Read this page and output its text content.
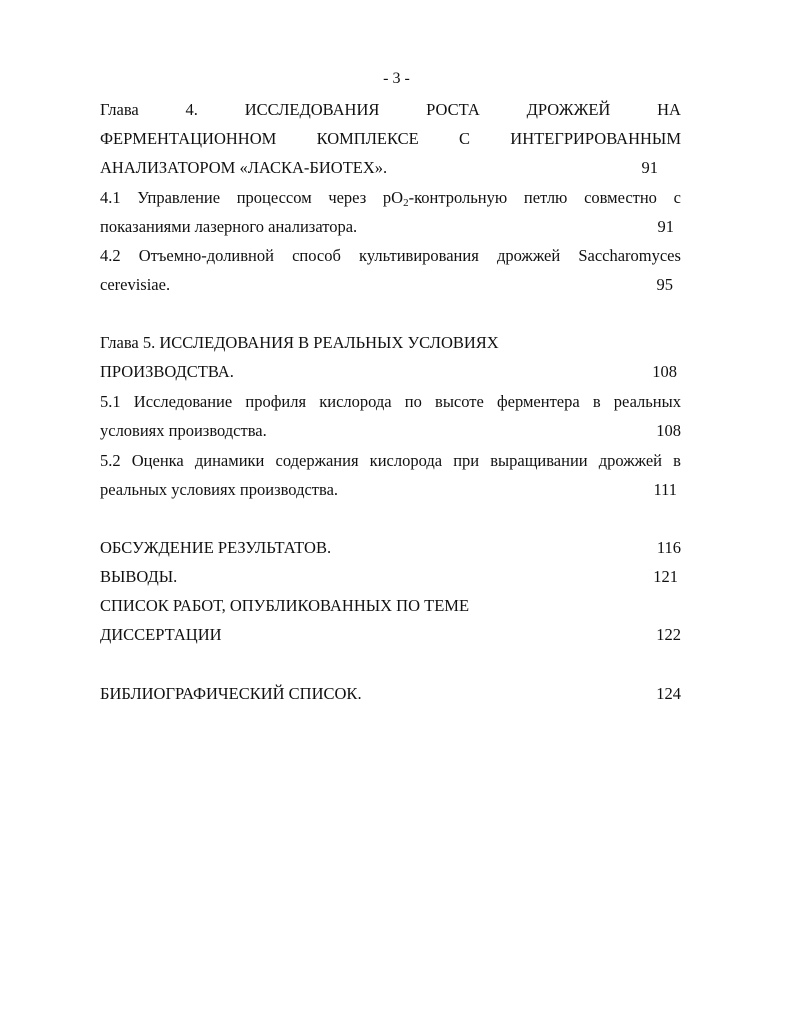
- 3 -
Глава	4.	ИССЛЕДОВАНИЯ	РОСТА	ДРОЖЖЕЙ	НА
ФЕРМЕНТАЦИОННОМ КОМПЛЕКСЕ С ИНТЕГРИРОВАННЫМ
АНАЛИЗАТОРОМ «ЛАСКА-БИОТЕХ».	91
4.1 Управление процессом через $pO_2$-контрольную петлю совместно с
показаниями лазерного анализатора.	91
4.2 Отъемно-доливной способ культивирования дрожжей Saccharomyces
cerevisiae.	95
Глава 5. ИССЛЕДОВАНИЯ В РЕАЛЬНЫХ УСЛОВИЯХ
ПРОИЗВОДСТВА.	108
5.1 Исследование профиля кислорода по высоте ферментера в реальных
условиях производства.	108
5.2 Оценка динамики содержания кислорода при выращивании дрожжей в
реальных условиях производства.	111
ОБСУЖДЕНИЕ РЕЗУЛЬТАТОВ.	116
ВЫВОДЫ.	121
СПИСОК РАБОТ, ОПУБЛИКОВАННЫХ ПО ТЕМЕ
ДИССЕРТАЦИИ	122
БИБЛИОГРАФИЧЕСКИЙ СПИСОК.	124
